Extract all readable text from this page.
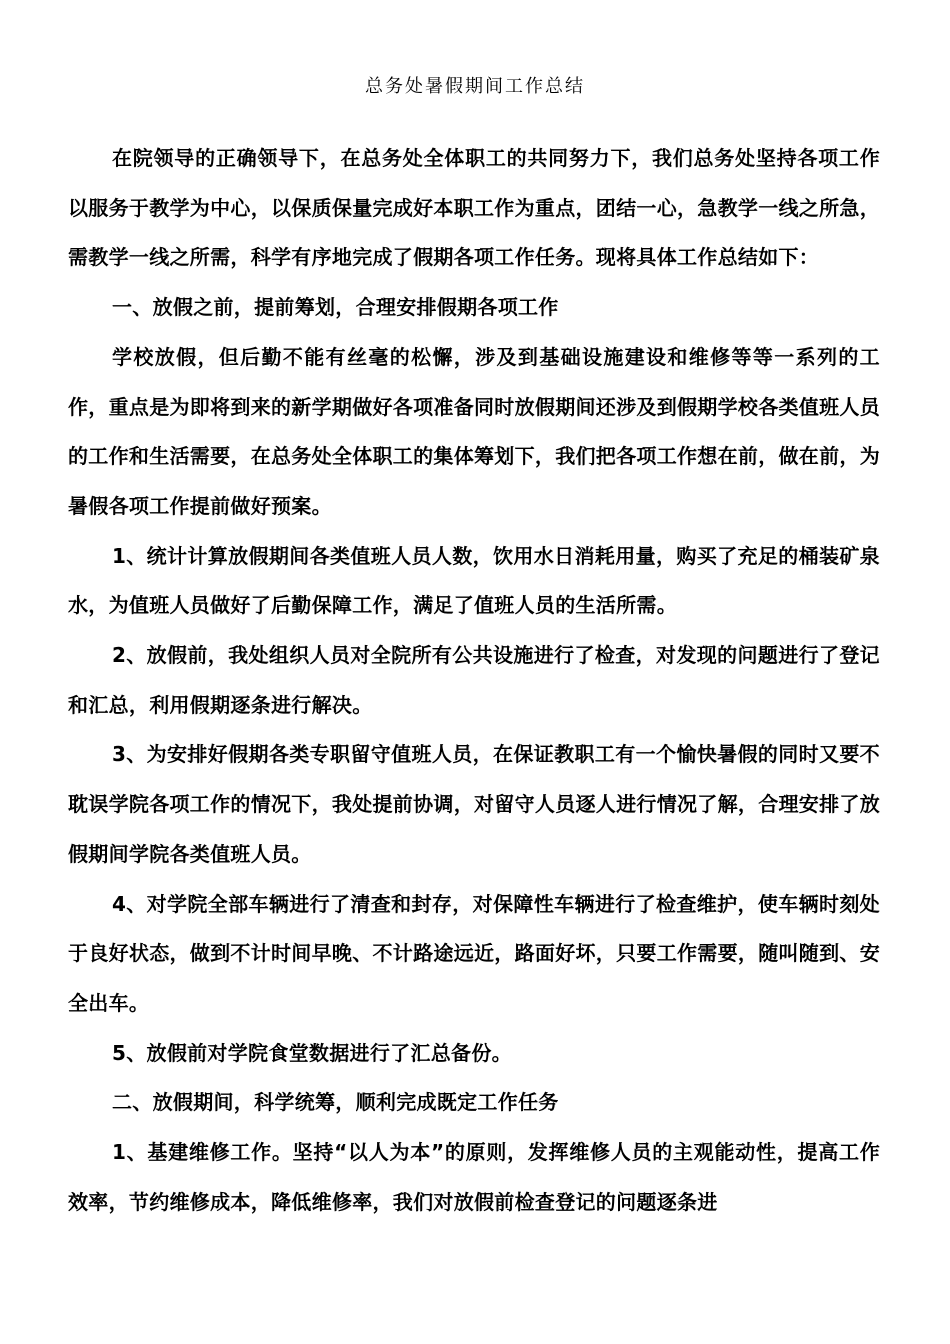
总务处暑假期间工作总结

在院领导的正确领导下，在总务处全体职工的共同努力下，我们总务处坚持各项工作以服务于教学为中心，以保质保量完成好本职工作为重点，团结一心，急教学一线之所急，需教学一线之所需，科学有序地完成了假期各项工作任务。现将具体工作总结如下：

一、放假之前，提前筹划，合理安排假期各项工作

学校放假，但后勤不能有丝毫的松懈，涉及到基础设施建设和维修等等一系列的工作，重点是为即将到来的新学期做好各项准备同时放假期间还涉及到假期学校各类值班人员的工作和生活需要，在总务处全体职工的集体筹划下，我们把各项工作想在前，做在前，为暑假各项工作提前做好预案。

1、统计计算放假期间各类值班人员人数，饮用水日消耗用量，购买了充足的桶装矿泉水，为值班人员做好了后勤保障工作，满足了值班人员的生活所需。

2、放假前，我处组织人员对全院所有公共设施进行了检查，对发现的问题进行了登记和汇总，利用假期逐条进行解决。

3、为安排好假期各类专职留守值班人员，在保证教职工有一个愉快暑假的同时又要不耽误学院各项工作的情况下，我处提前协调，对留守人员逐人进行情况了解，合理安排了放假期间学院各类值班人员。

4、对学院全部车辆进行了清查和封存，对保障性车辆进行了检查维护，使车辆时刻处于良好状态，做到不计时间早晚、不计路途远近，路面好坏，只要工作需要，随叫随到、安全出车。

5、放假前对学院食堂数据进行了汇总备份。

二、放假期间，科学统筹，顺利完成既定工作任务

1、基建维修工作。坚持“以人为本”的原则，发挥维修人员的主观能动性，提高工作效率，节约维修成本，降低维修率，我们对放假前检查登记的问题逐条进
